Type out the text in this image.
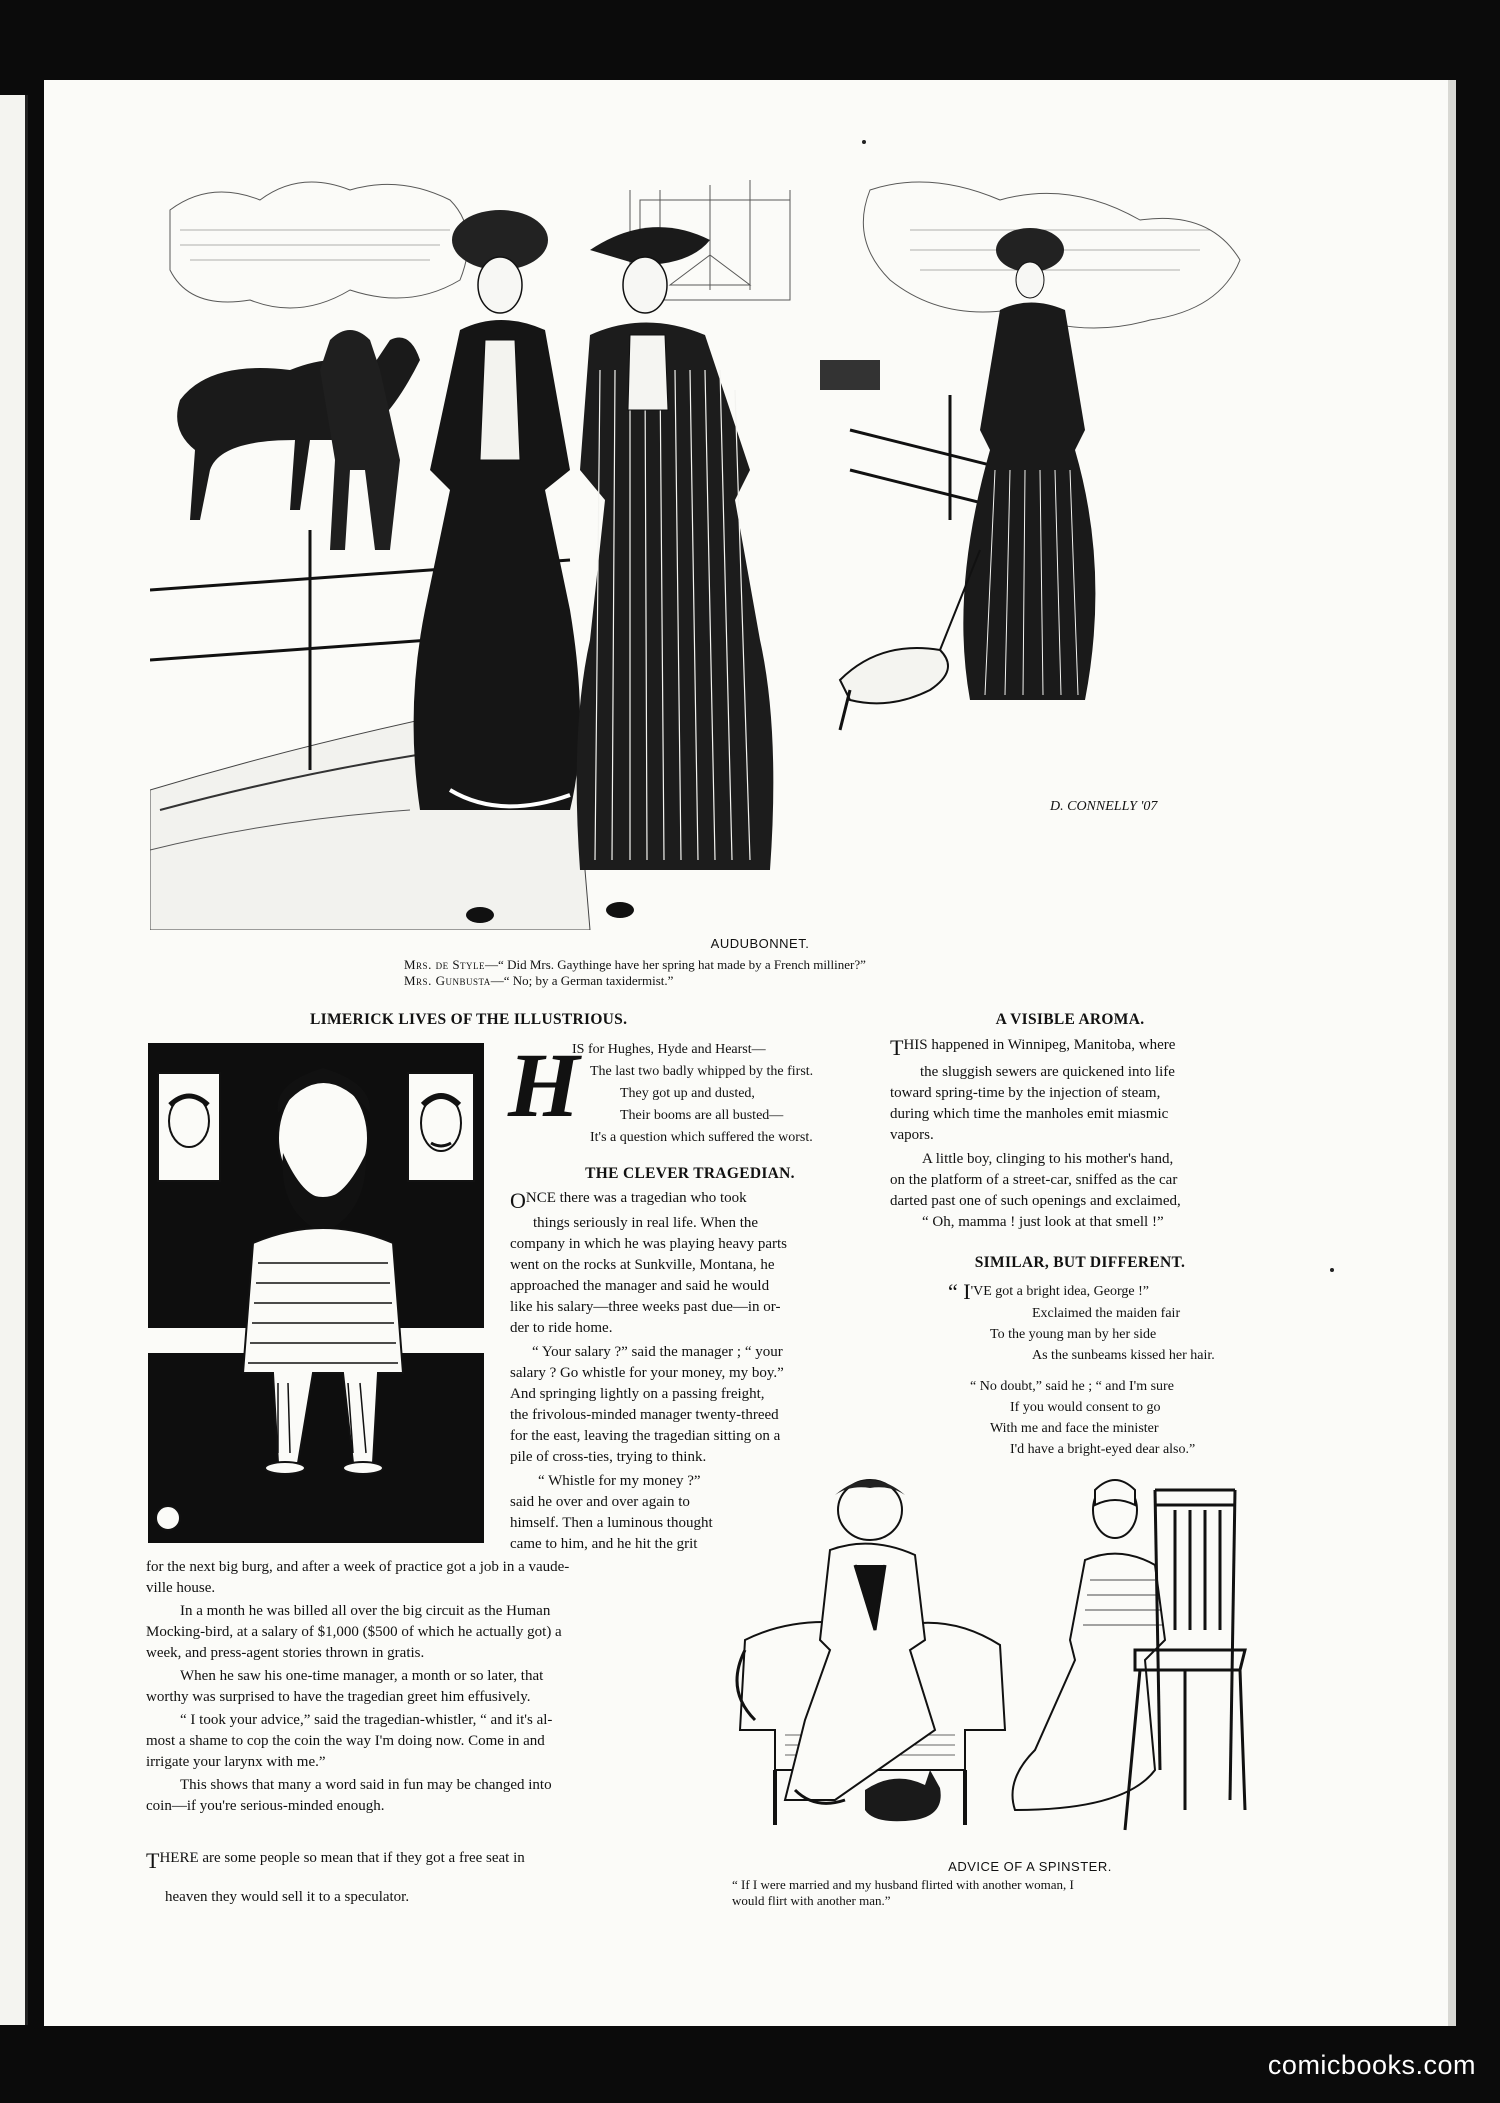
D. CONNELLY '07
AUDUBONNET.
Mrs. de Style—“ Did Mrs. Gaythinge have her spring hat made by a French milliner?”
Mrs. Gunbusta—“ No; by a German taxidermist.”
LIMERICK LIVES OF THE ILLUSTRIOUS.
H
IS for Hughes, Hyde and Hearst—
The last two badly whipped by the first.
They got up and dusted,
Their booms are all busted—
It's a question which suffered the worst.
THE CLEVER TRAGEDIAN.
ONCE there was a tragedian who took
things seriously in real life. When the
company in which he was playing heavy parts
went on the rocks at Sunkville, Montana, he
approached the manager and said he would
like his salary—three weeks past due—in or-
der to ride home.
“ Your salary ?” said the manager ; “ your
salary ? Go whistle for your money, my boy.”
And springing lightly on a passing freight,
the frivolous-minded manager twenty-threed
for the east, leaving the tragedian sitting on a
pile of cross-ties, trying to think.
“ Whistle for my money ?”
said he over and over again to
himself. Then a luminous thought
came to him, and he hit the grit
for the next big burg, and after a week of practice got a job in a vaude-
ville house.
In a month he was billed all over the big circuit as the Human
Mocking-bird, at a salary of $1,000 ($500 of which he actually got) a
week, and press-agent stories thrown in gratis.
When he saw his one-time manager, a month or so later, that
worthy was surprised to have the tragedian greet him effusively.
“ I took your advice,” said the tragedian-whistler, “ and it's al-
most a shame to cop the coin the way I'm doing now. Come in and
irrigate your larynx with me.”
This shows that many a word said in fun may be changed into
coin—if you're serious-minded enough.
THERE are some people so mean that if they got a free seat in
heaven they would sell it to a speculator.
A VISIBLE AROMA.
THIS happened in Winnipeg, Manitoba, where
the sluggish sewers are quickened into life
toward spring-time by the injection of steam,
during which time the manholes emit miasmic
vapors.
A little boy, clinging to his mother's hand,
on the platform of a street-car, sniffed as the car
darted past one of such openings and exclaimed,
“ Oh, mamma ! just look at that smell !”
SIMILAR, BUT DIFFERENT.
“ I'VE got a bright idea, George !”
Exclaimed the maiden fair
To the young man by her side
As the sunbeams kissed her hair.
“ No doubt,” said he ; “ and I'm sure
If you would consent to go
With me and face the minister
I'd have a bright-eyed dear also.”
ADVICE OF A SPINSTER.
“ If I were married and my husband flirted with another woman, I
would flirt with another man.”
comicbooks.com
